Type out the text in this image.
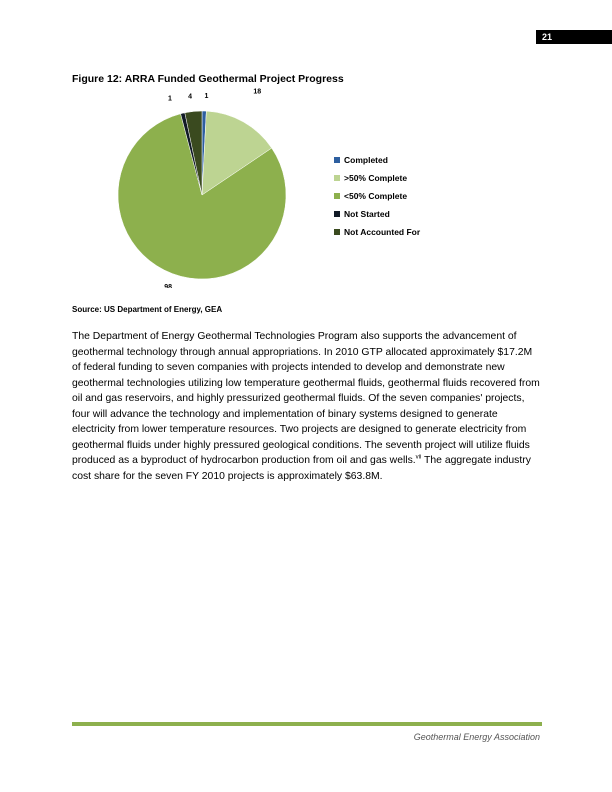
21
Figure 12: ARRA Funded Geothermal Project Progress
1
18
98
1 4
Completed
>50% Complete
<50% Complete
Not Started
Not Accounted For
Source: US Department of Energy, GEA

The Department of Energy Geothermal Technologies Program also supports the advancement of geothermal technology through annual appropriations. In 2010 GTP allocated approximately $17.2M of federal funding to seven companies with projects intended to develop and demonstrate new geothermal technologies utilizing low temperature geothermal fluids, geothermal fluids recovered from oil and gas reservoirs, and highly pressurized geothermal fluids. Of the seven companies' projects, four will advance the technology and implementation of binary systems designed to generate electricity from lower temperature resources. Two projects are designed to generate electricity from geothermal fluids under highly pressured geological conditions. The seventh project will utilize fluids produced as a byproduct of hydrocarbon production from oil and gas wells.$^{vii}$ The aggregate industry cost share for the seven FY 2010 projects is approximately $63.8M.

Geothermal Energy Association
